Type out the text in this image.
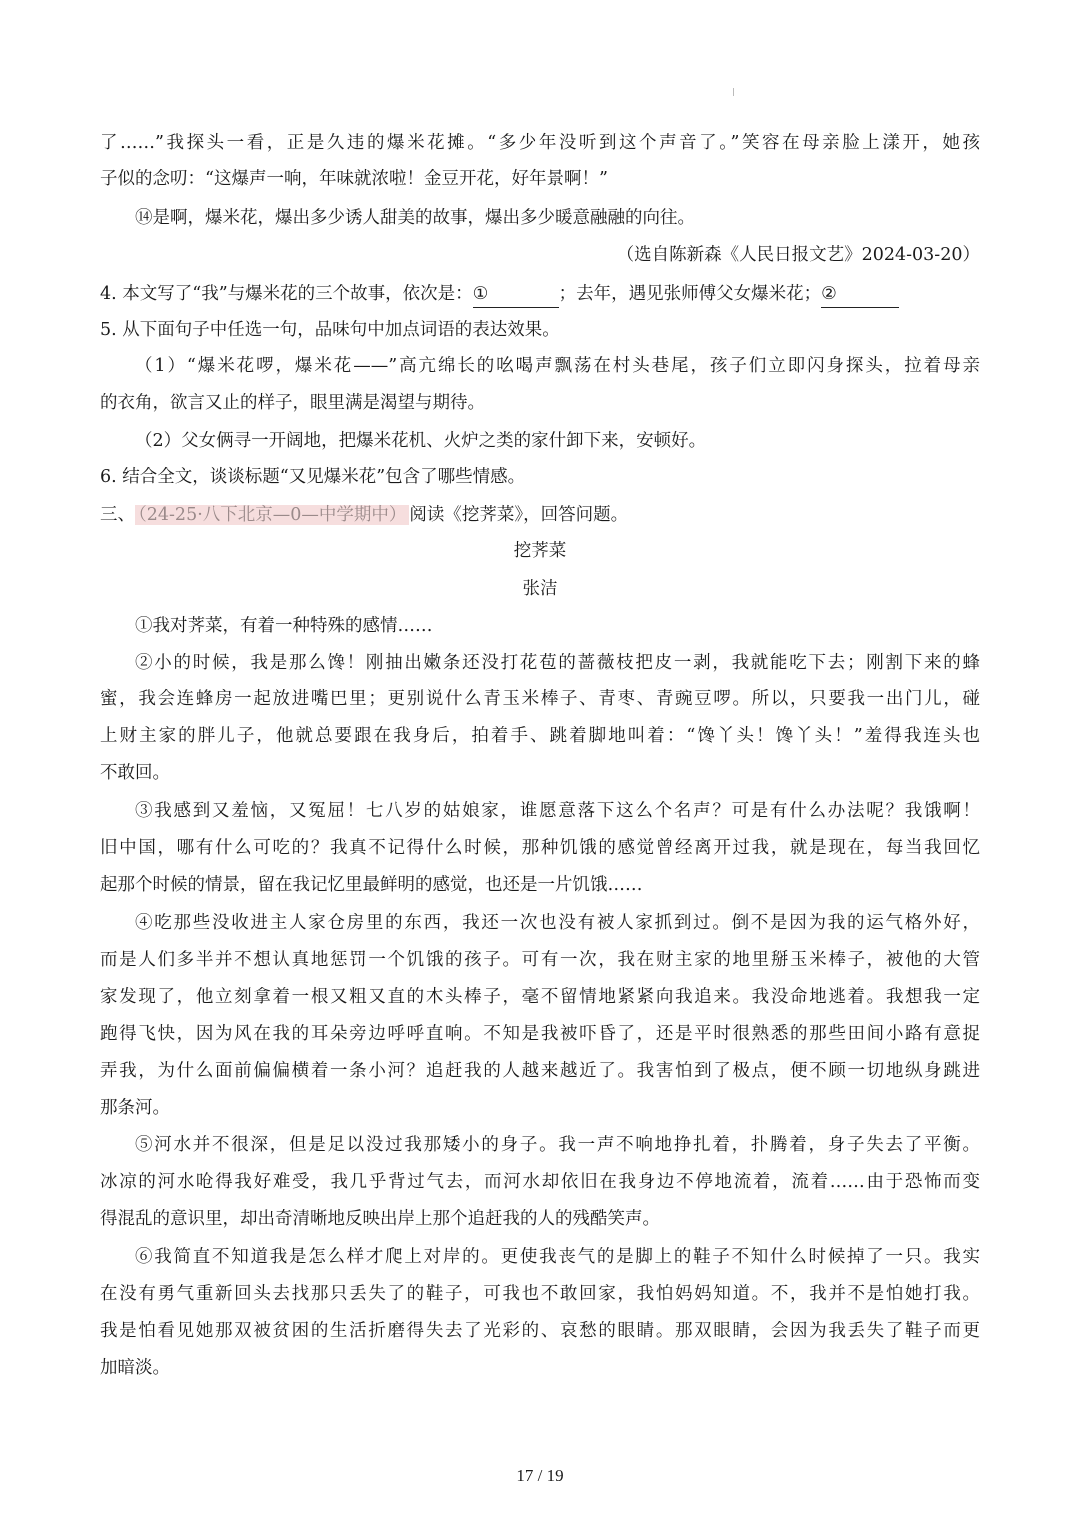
了……”我探头一看，正是久违的爆米花摊。“多少年没听到这个声音了。”笑容在母亲脸上漾开，她孩
子似的念叨：“这爆声一响，年味就浓啦！金豆开花，好年景啊！”
⑭是啊，爆米花，爆出多少诱人甜美的故事，爆出多少暖意融融的向往。
（选自陈新森《人民日报文艺》2024-03-20）
4. 本文写了“我”与爆米花的三个故事，依次是：①	；去年，遇见张师傅父女爆米花；②
5. 从下面句子中任选一句，品味句中加点词语的表达效果。
（1）“爆米花啰，爆米花——”高亢绵长的吆喝声飘荡在村头巷尾，孩子们立即闪身探头，拉着母亲
的衣角，欲言又止的样子，眼里满是渴望与期待。
（2）父女俩寻一开阔地，把爆米花机、火炉之类的家什卸下来，安顿好。
6. 结合全文，谈谈标题“又见爆米花”包含了哪些情感。
三、 （24-25·八下北京—0—中学期中） 阅读《挖荠菜》，回答问题。
挖荠菜
张洁
①我对荠菜，有着一种特殊的感情……
②小的时候，我是那么馋！刚抽出嫩条还没打花苞的蔷薇枝把皮一剥，我就能吃下去；刚割下来的蜂
蜜，我会连蜂房一起放进嘴巴里；更别说什么青玉米棒子、青枣、青豌豆啰。所以，只要我一出门儿，碰
上财主家的胖儿子，他就总要跟在我身后，拍着手、跳着脚地叫着：“馋丫头！馋丫头！”羞得我连头也
不敢回。
③我感到又羞恼，又冤屈！七八岁的姑娘家，谁愿意落下这么个名声？可是有什么办法呢？我饿啊！
旧中国，哪有什么可吃的？我真不记得什么时候，那种饥饿的感觉曾经离开过我，就是现在，每当我回忆
起那个时候的情景，留在我记忆里最鲜明的感觉，也还是一片饥饿……
④吃那些没收进主人家仓房里的东西，我还一次也没有被人家抓到过。倒不是因为我的运气格外好，
而是人们多半并不想认真地惩罚一个饥饿的孩子。可有一次，我在财主家的地里掰玉米棒子，被他的大管
家发现了，他立刻拿着一根又粗又直的木头棒子，毫不留情地紧紧向我追来。我没命地逃着。我想我一定
跑得飞快，因为风在我的耳朵旁边呼呼直响。不知是我被吓昏了，还是平时很熟悉的那些田间小路有意捉
弄我，为什么面前偏偏横着一条小河？追赶我的人越来越近了。我害怕到了极点，便不顾一切地纵身跳进
那条河。
⑤河水并不很深，但是足以没过我那矮小的身子。我一声不响地挣扎着，扑腾着，身子失去了平衡。
冰凉的河水呛得我好难受，我几乎背过气去，而河水却依旧在我身边不停地流着，流着……由于恐怖而变
得混乱的意识里，却出奇清晰地反映出岸上那个追赶我的人的残酷笑声。
⑥我简直不知道我是怎么样才爬上对岸的。更使我丧气的是脚上的鞋子不知什么时候掉了一只。我实
在没有勇气重新回头去找那只丢失了的鞋子，可我也不敢回家，我怕妈妈知道。不，我并不是怕她打我。
我是怕看见她那双被贫困的生活折磨得失去了光彩的、哀愁的眼睛。那双眼睛，会因为我丢失了鞋子而更
加暗淡。
17 / 19
